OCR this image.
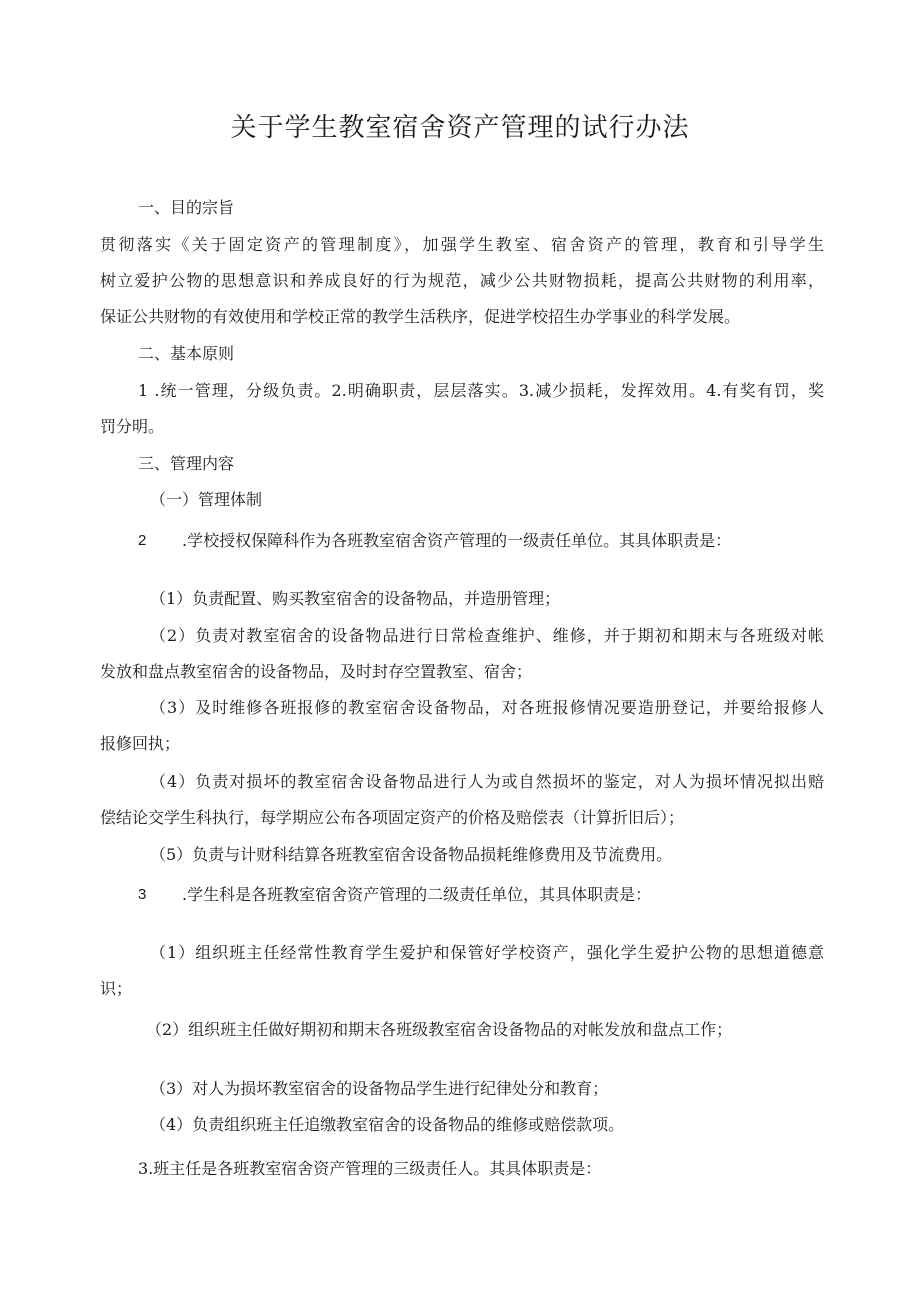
关于学生教室宿舍资产管理的试行办法
一、目的宗旨
贯彻落实《关于固定资产的管理制度》，加强学生教室、宿舍资产的管理，教育和引导学生
树立爱护公物的思想意识和养成良好的行为规范，减少公共财物损耗，提高公共财物的利用率，
保证公共财物的有效使用和学校正常的教学生活秩序，促进学校招生办学事业的科学发展。
二、基本原则
1 .统一管理，分级负责。2.明确职责，层层落实。3.减少损耗，发挥效用。4.有奖有罚，奖
罚分明。
三、管理内容
（一）管理体制
2 .学校授权保障科作为各班教室宿舍资产管理的一级责任单位。其具体职责是：
（1）负责配置、购买教室宿舍的设备物品，并造册管理；
（2）负责对教室宿舍的设备物品进行日常检查维护、维修，并于期初和期末与各班级对帐
发放和盘点教室宿舍的设备物品，及时封存空置教室、宿舍；
（3）及时维修各班报修的教室宿舍设备物品，对各班报修情况要造册登记，并要给报修人
报修回执；
（4）负责对损坏的教室宿舍设备物品进行人为或自然损坏的鉴定，对人为损坏情况拟出赔
偿结论交学生科执行，每学期应公布各项固定资产的价格及赔偿表（计算折旧后）；
（5）负责与计财科结算各班教室宿舍设备物品损耗维修费用及节流费用。
3 .学生科是各班教室宿舍资产管理的二级责任单位，其具体职责是：
（1）组织班主任经常性教育学生爱护和保管好学校资产，强化学生爱护公物的思想道德意
识；
（2）组织班主任做好期初和期末各班级教室宿舍设备物品的对帐发放和盘点工作；
（3）对人为损坏教室宿舍的设备物品学生进行纪律处分和教育；
（4）负责组织班主任追缴教室宿舍的设备物品的维修或赔偿款项。
3.班主任是各班教室宿舍资产管理的三级责任人。其具体职责是：
